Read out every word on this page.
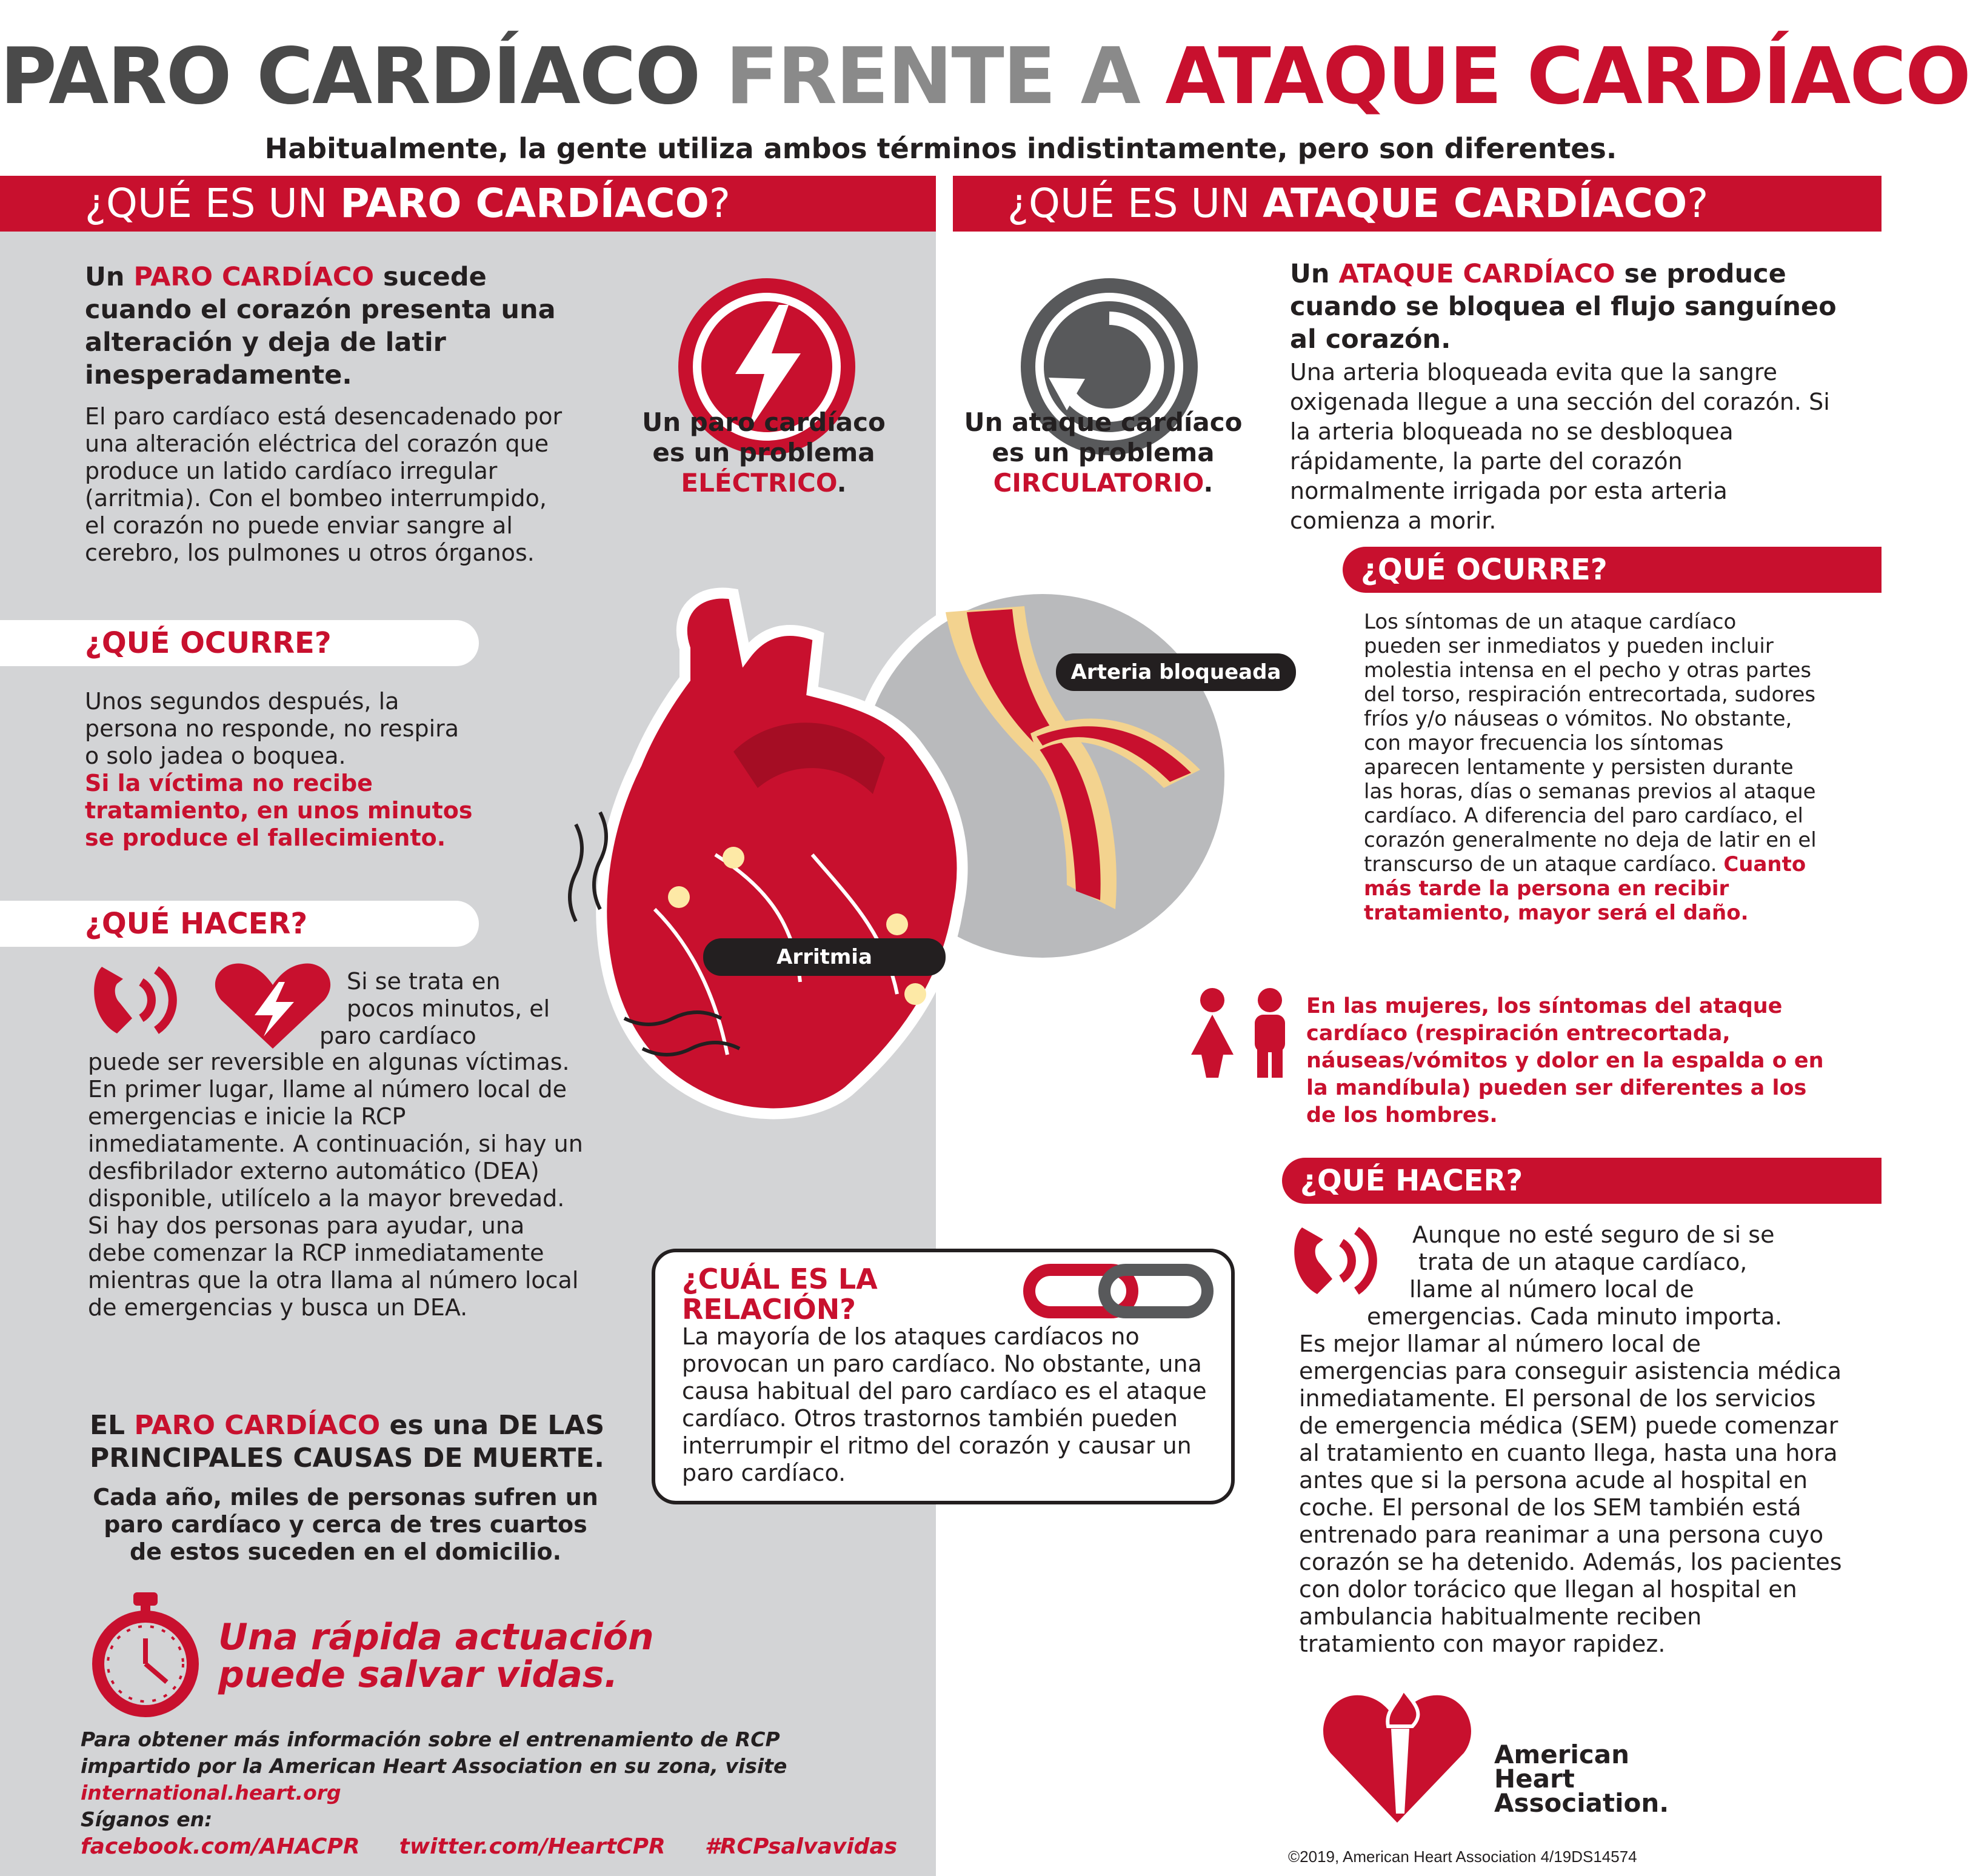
PARO CARDÍACO FRENTE A ATAQUE CARDÍACO
Habitualmente, la gente utiliza ambos términos indistintamente, pero son diferentes.
¿QUÉ ES UN PARO CARDÍACO?	¿QUÉ ES UN ATAQUE CARDÍACO?
Un PARO CARDÍACO sucede cuando el corazón presenta una alteración y deja de latir inesperadamente.
El paro cardíaco está desencadenado por una alteración eléctrica del corazón que produce un latido cardíaco irregular (arritmia). Con el bombeo interrumpido, el corazón no puede enviar sangre al cerebro, los pulmones u otros órganos.
Un paro cardíaco
es un problema
ELÉCTRICO.
Un ataque cardíaco
es un problema
CIRCULATORIO.
Un ATAQUE CARDÍACO se produce cuando se bloquea el flujo sanguíneo al corazón.
Una arteria bloqueada evita que la sangre oxigenada llegue a una sección del corazón. Si la arteria bloqueada no se desbloquea rápidamente, la parte del corazón normalmente irrigada por esta arteria comienza a morir.
¿QUÉ OCURRE?
Unos segundos después, la persona no responde, no respira o solo jadea o boquea.
Si la víctima no recibe tratamiento, en unos minutos se produce el fallecimiento.
¿QUÉ HACER?
Si se trata en
pocos minutos, el
paro cardíaco
puede ser reversible en algunas víctimas. En primer lugar, llame al número local de emergencias e inicie la RCP inmediatamente. A continuación, si hay un desfibrilador externo automático (DEA) disponible, utilícelo a la mayor brevedad. Si hay dos personas para ayudar, una debe comenzar la RCP inmediatamente mientras que la otra llama al número local de emergencias y busca un DEA.
EL PARO CARDÍACO es una DE LAS PRINCIPALES CAUSAS DE MUERTE.
Cada año, miles de personas sufren un paro cardíaco y cerca de tres cuartos de estos suceden en el domicilio.
Una rápida actuación puede salvar vidas.
Para obtener más información sobre el entrenamiento de RCP impartido por la American Heart Association en su zona, visite
international.heart.org
Síganos en:
facebook.com/AHACPR twitter.com/HeartCPR #RCPsalvavidas
Arteria bloqueada
Arritmia
¿CUÁL ES LA RELACIÓN?
La mayoría de los ataques cardíacos no provocan un paro cardíaco. No obstante, una causa habitual del paro cardíaco es el ataque cardíaco. Otros trastornos también pueden interrumpir el ritmo del corazón y causar un paro cardíaco.
¿QUÉ OCURRE?
Los síntomas de un ataque cardíaco pueden ser inmediatos y pueden incluir molestia intensa en el pecho y otras partes del torso, respiración entrecortada, sudores fríos y/o náuseas o vómitos. No obstante, con mayor frecuencia los síntomas aparecen lentamente y persisten durante las horas, días o semanas previos al ataque cardíaco. A diferencia del paro cardíaco, el corazón generalmente no deja de latir en el transcurso de un ataque cardíaco. Cuanto más tarde la persona en recibir tratamiento, mayor será el daño.
En las mujeres, los síntomas del ataque cardíaco (respiración entrecortada, náuseas/vómitos y dolor en la espalda o en la mandíbula) pueden ser diferentes a los de los hombres.
¿QUÉ HACER?
Aunque no esté seguro de si se
trata de un ataque cardíaco,
llame al número local de
emergencias. Cada minuto importa.
Es mejor llamar al número local de emergencias para conseguir asistencia médica inmediatamente. El personal de los servicios de emergencia médica (SEM) puede comenzar al tratamiento en cuanto llega, hasta una hora antes que si la persona acude al hospital en coche. El personal de los SEM también está entrenado para reanimar a una persona cuyo corazón se ha detenido. Además, los pacientes con dolor torácico que llegan al hospital en ambulancia habitualmente reciben tratamiento con mayor rapidez.
American
Heart
Association.
©2019, American Heart Association 4/19DS14574
